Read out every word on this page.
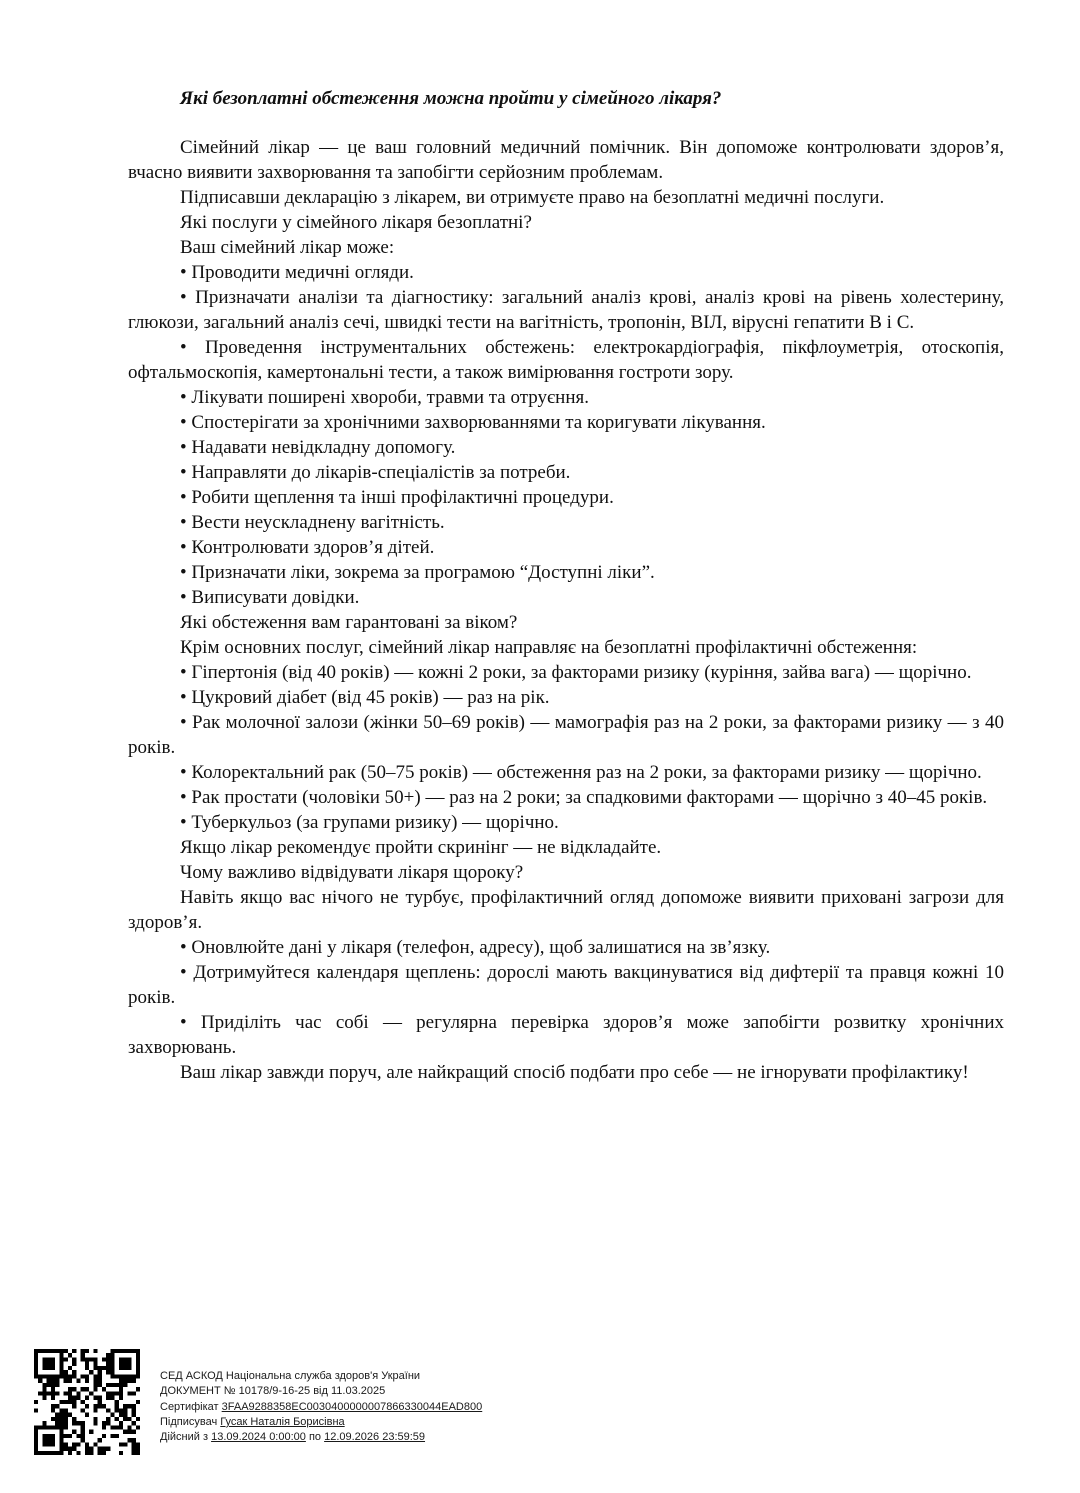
Які безоплатні обстеження можна пройти у сімейного лікаря?

Сімейний лікар — це ваш головний медичний помічник. Він допоможе контролювати здоров’я, вчасно виявити захворювання та запобігти серйозним проблемам.

Підписавши декларацію з лікарем, ви отримуєте право на безоплатні медичні послуги.

Які послуги у сімейного лікаря безоплатні?

Ваш сімейний лікар може:

• Проводити медичні огляди.

• Призначати аналізи та діагностику: загальний аналіз крові, аналіз крові на рівень холестерину, глюкози, загальний аналіз сечі, швидкі тести на вагітність, тропонін, ВІЛ, вірусні гепатити В і С.

• Проведення інструментальних обстежень: електрокардіографія, пікфлоуметрія, отоскопія, офтальмоскопія, камертональні тести, а також вимірювання гостроти зору.

• Лікувати поширені хвороби, травми та отруєння.

• Спостерігати за хронічними захворюваннями та коригувати лікування.

• Надавати невідкладну допомогу.

• Направляти до лікарів-спеціалістів за потреби.

• Робити щеплення та інші профілактичні процедури.

• Вести неускладнену вагітність.

• Контролювати здоров’я дітей.

• Призначати ліки, зокрема за програмою “Доступні ліки”.

• Виписувати довідки.

Які обстеження вам гарантовані за віком?

Крім основних послуг, сімейний лікар направляє на безоплатні профілактичні обстеження:

• Гіпертонія (від 40 років) — кожні 2 роки, за факторами ризику (куріння, зайва вага) — щорічно.

• Цукровий діабет (від 45 років) — раз на рік.

• Рак молочної залози (жінки 50–69 років) — мамографія раз на 2 роки, за факторами ризику — з 40 років.

• Колоректальний рак (50–75 років) — обстеження раз на 2 роки, за факторами ризику — щорічно.

• Рак простати (чоловіки 50+) — раз на 2 роки; за спадковими факторами — щорічно з 40–45 років.

• Туберкульоз (за групами ризику) — щорічно.

Якщо лікар рекомендує пройти скринінг — не відкладайте.

Чому важливо відвідувати лікаря щороку?

Навіть якщо вас нічого не турбує, профілактичний огляд допоможе виявити приховані загрози для здоров’я.

• Оновлюйте дані у лікаря (телефон, адресу), щоб залишатися на зв’язку.

• Дотримуйтеся календаря щеплень: дорослі мають вакцинуватися від дифтерії та правця кожні 10 років.

• Приділіть час собі — регулярна перевірка здоров’я може запобігти розвитку хронічних захворювань.

Ваш лікар завжди поруч, але найкращий спосіб подбати про себе — не ігнорувати профілактику!

СЕД АСКОД Національна служба здоров'я України
ДОКУМЕНТ № 10178/9-16-25 від 11.03.2025
Сертифікат 3FAA9288358EC0030400000007866330044EAD800
Підписувач Гусак Наталія Борисівна
Дійсний з 13.09.2024 0:00:00 по 12.09.2026 23:59:59
